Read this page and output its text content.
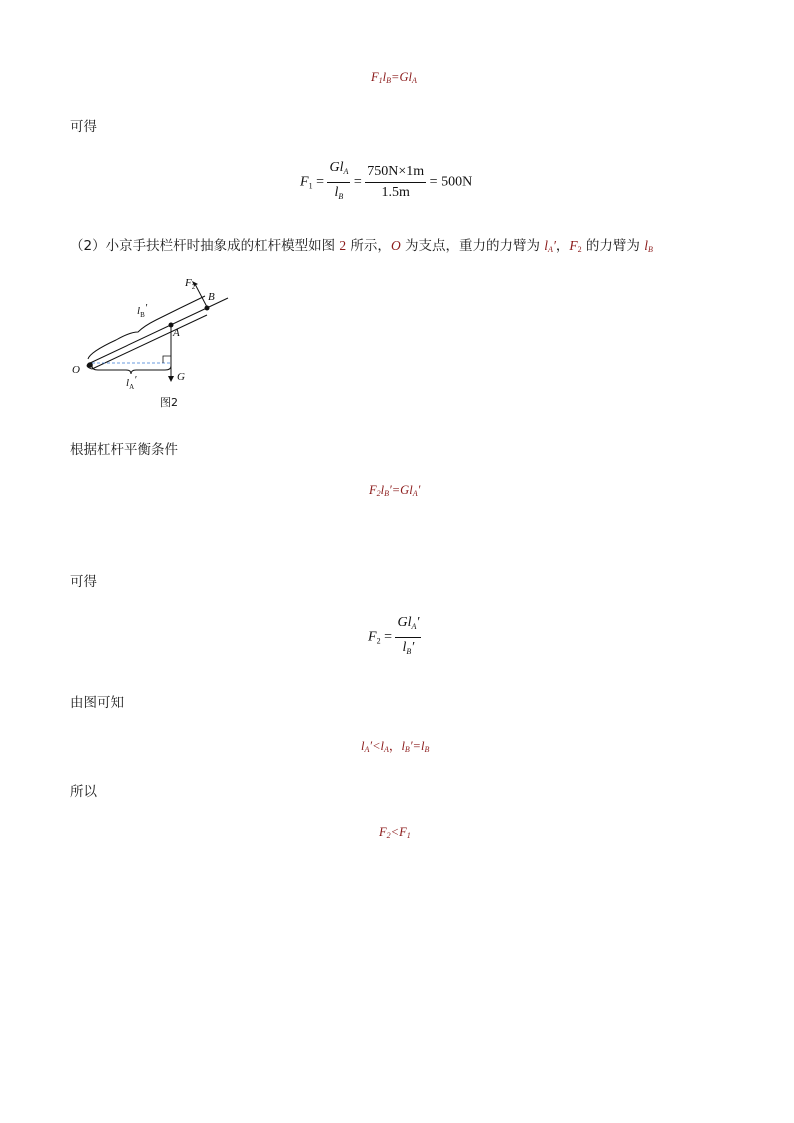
$F_1l_B=Gl_A$
可得
$F_1 = \frac{Gl_A}{l_B} = \frac{750N\times 1m}{1.5m} = 500N$
（2）小京手扶栏杆时抽象成的杠杆模型如图 2 所示，O 为支点，重力的力臂为 $l_A'$，$F_2$ 的力臂为 $l_B$
$F_2$
B
A
O
G
$l_B'$
$l_A'$
图2
根据杠杆平衡条件
$F_2l_B'=Gl_A'$
可得
$F_2 = \frac{Gl_A'}{l_B'}$
由图可知
$l_A'<l_A$，$l_B'=l_B$
所以
$F_2<F_1$
